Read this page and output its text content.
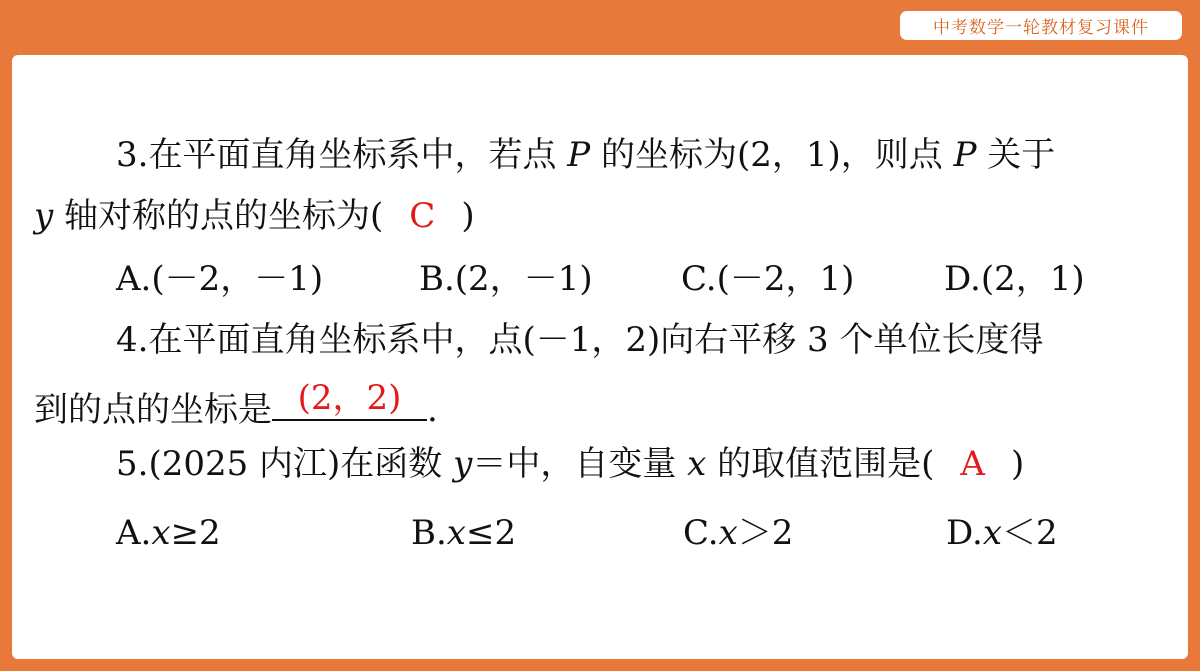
中考数学一轮教材复习课件
3.在平面直角坐标系中，若点 P 的坐标为(2，1)，则点 P 关于
y 轴对称的点的坐标为( C )
A.(－2，－1)	B.(2，－1)	C.(－2，1)	D.(2，1)
4.在平面直角坐标系中，点(－1，2)向右平移 3 个单位长度得
到的点的坐标是 (2，2) .
5.(2025 内江)在函数 y＝中，自变量 x 的取值范围是( A )
A.x≥2	B.x≤2	C.x＞2	D.x＜2
